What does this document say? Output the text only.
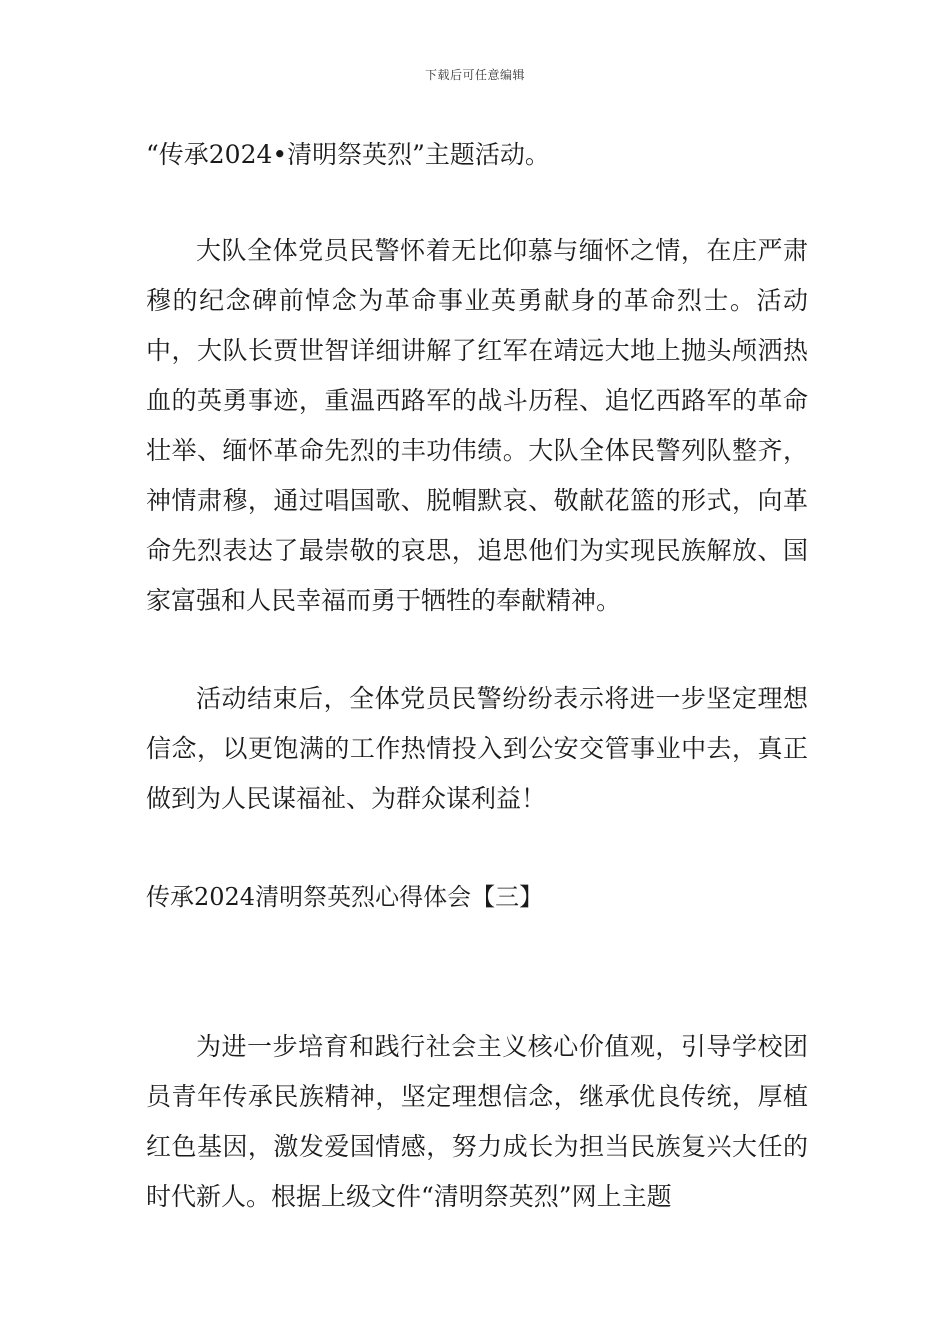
下载后可任意编辑

“传承2024•清明祭英烈”主题活动。

大队全体党员民警怀着无比仰慕与缅怀之情，在庄严肃穆的纪念碑前悼念为革命事业英勇献身的革命烈士。活动中，大队长贾世智详细讲解了红军在靖远大地上抛头颅洒热血的英勇事迹，重温西路军的战斗历程、追忆西路军的革命壮举、缅怀革命先烈的丰功伟绩。大队全体民警列队整齐，神情肃穆，通过唱国歌、脱帽默哀、敬献花篮的形式，向革命先烈表达了最崇敬的哀思，追思他们为实现民族解放、国家富强和人民幸福而勇于牺牲的奉献精神。

活动结束后，全体党员民警纷纷表示将进一步坚定理想信念，以更饱满的工作热情投入到公安交管事业中去，真正做到为人民谋福祉、为群众谋利益！

传承2024清明祭英烈心得体会【三】

为进一步培育和践行社会主义核心价值观，引导学校团员青年传承民族精神，坚定理想信念，继承优良传统，厚植红色基因，激发爱国情感，努力成长为担当民族复兴大任的时代新人。根据上级文件“清明祭英烈”网上主题
